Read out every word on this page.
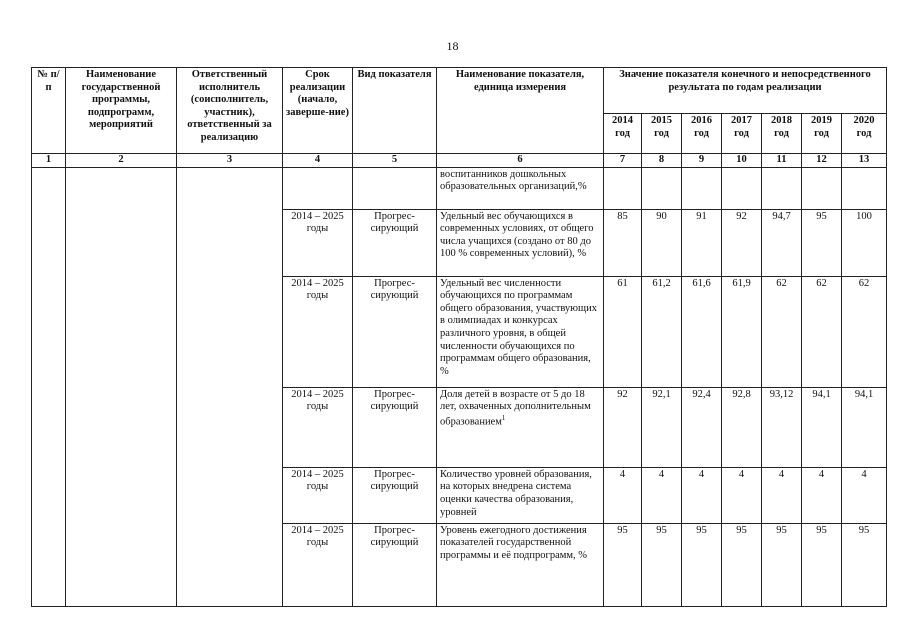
18
№ п/п	Наименование государственной программы, подпрограмм, мероприятий	Ответственный исполнитель (соисполнитель, участник), ответственный за реализацию	Срок реализации (начало, заверше-ние)	Вид показателя	Наименование показателя, единица измерения	Значение показателя конечного и непосредственного результата по годам реализации						
						2014 год	2015 год	2016 год	2017 год	2018 год	2019 год	2020 год
1	2	3	4	5	6	7	8	9	10	11	12	13
					воспитанников дошкольных образовательных организаций,%							
			2014 – 2025 годы	Прогрес-сирующий	Удельный вес обучающихся в современных условиях, от общего числа учащихся (создано от 80 до 100 % современных условий), %	85	90	91	92	94,7	95	100
			2014 – 2025 годы	Прогрес-сирующий	Удельный вес численности обучающихся по программам общего образования, участвующих в олимпиадах и конкурсах различного уровня, в общей численности обучающихся по программам общего образования, %	61	61,2	61,6	61,9	62	62	62
			2014 – 2025 годы	Прогрес-сирующий	Доля детей в возрасте от 5 до 18 лет, охваченных дополнительным образованием$^1$	92	92,1	92,4	92,8	93,12	94,1	94,1
			2014 – 2025 годы	Прогрес-сирующий	Количество уровней образования, на которых внедрена система оценки качества образования, уровней	4	4	4	4	4	4	4
			2014 – 2025 годы	Прогрес-сирующий	Уровень ежегодного достижения показателей государственной программы и её подпрограмм, %	95	95	95	95	95	95	95
